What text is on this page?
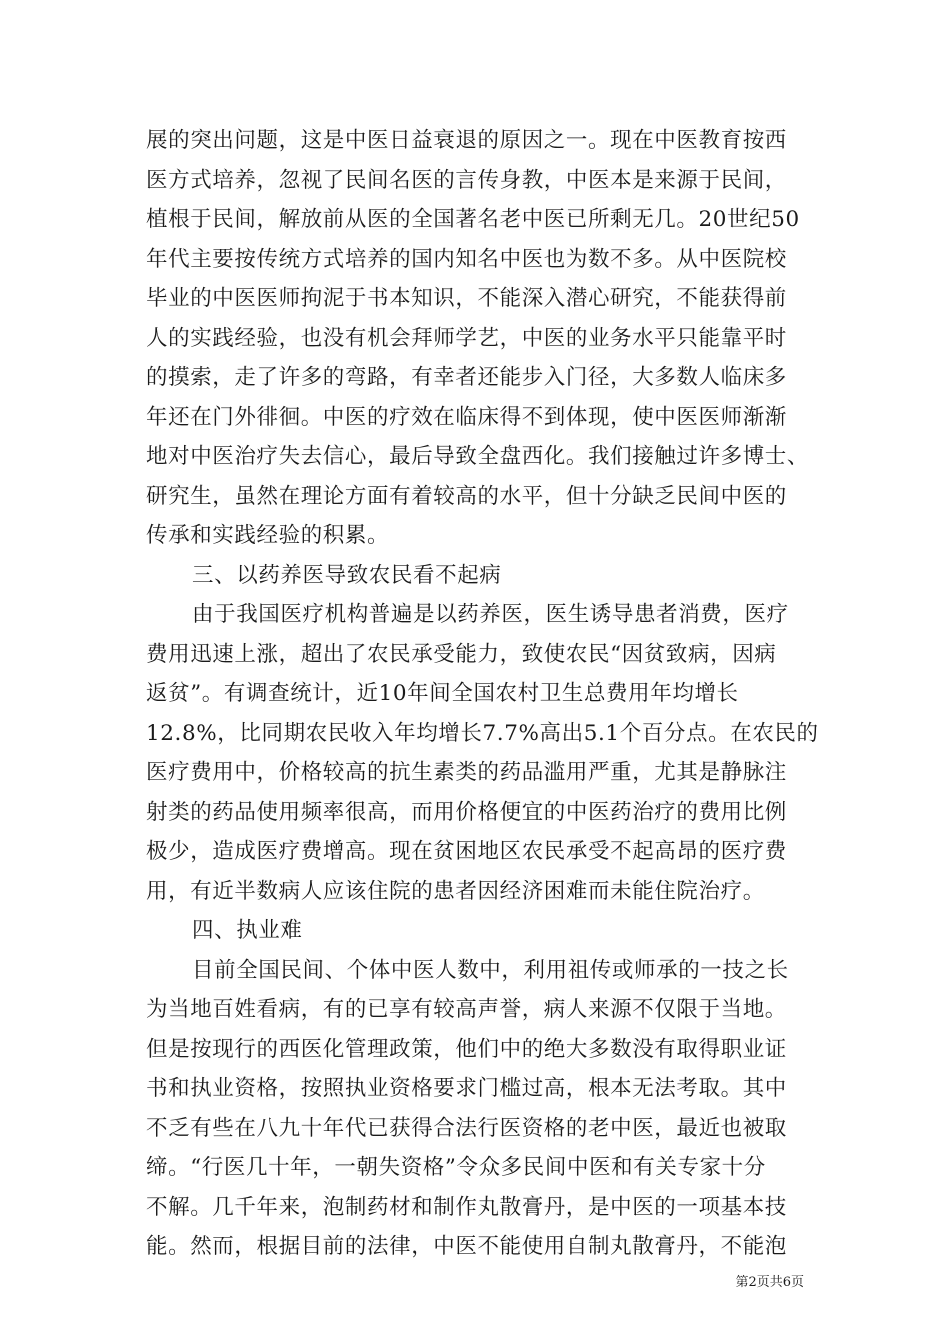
展的突出问题，这是中医日益衰退的原因之一。现在中医教育按西
医方式培养，忽视了民间名医的言传身教，中医本是来源于民间，
植根于民间，解放前从医的全国著名老中医已所剩无几。20世纪50
年代主要按传统方式培养的国内知名中医也为数不多。从中医院校
毕业的中医医师拘泥于书本知识，不能深入潜心研究，不能获得前
人的实践经验，也没有机会拜师学艺，中医的业务水平只能靠平时
的摸索，走了许多的弯路，有幸者还能步入门径，大多数人临床多
年还在门外徘徊。中医的疗效在临床得不到体现，使中医医师渐渐
地对中医治疗失去信心，最后导致全盘西化。我们接触过许多博士、
研究生，虽然在理论方面有着较高的水平，但十分缺乏民间中医的
传承和实践经验的积累。
三、以药养医导致农民看不起病
由于我国医疗机构普遍是以药养医，医生诱导患者消费，医疗
费用迅速上涨，超出了农民承受能力，致使农民“因贫致病，因病
返贫”。有调查统计，近10年间全国农村卫生总费用年均增长
12.8%，比同期农民收入年均增长7.7%高出5.1个百分点。在农民的
医疗费用中，价格较高的抗生素类的药品滥用严重，尤其是静脉注
射类的药品使用频率很高，而用价格便宜的中医药治疗的费用比例
极少，造成医疗费增高。现在贫困地区农民承受不起高昂的医疗费
用，有近半数病人应该住院的患者因经济困难而未能住院治疗。
四、执业难
目前全国民间、个体中医人数中，利用祖传或师承的一技之长
为当地百姓看病，有的已享有较高声誉，病人来源不仅限于当地。
但是按现行的西医化管理政策，他们中的绝大多数没有取得职业证
书和执业资格，按照执业资格要求门槛过高，根本无法考取。其中
不乏有些在八九十年代已获得合法行医资格的老中医，最近也被取
缔。“行医几十年，一朝失资格”令众多民间中医和有关专家十分
不解。几千年来，泡制药材和制作丸散膏丹，是中医的一项基本技
能。然而，根据目前的法律，中医不能使用自制丸散膏丹，不能泡
第2页共6页
